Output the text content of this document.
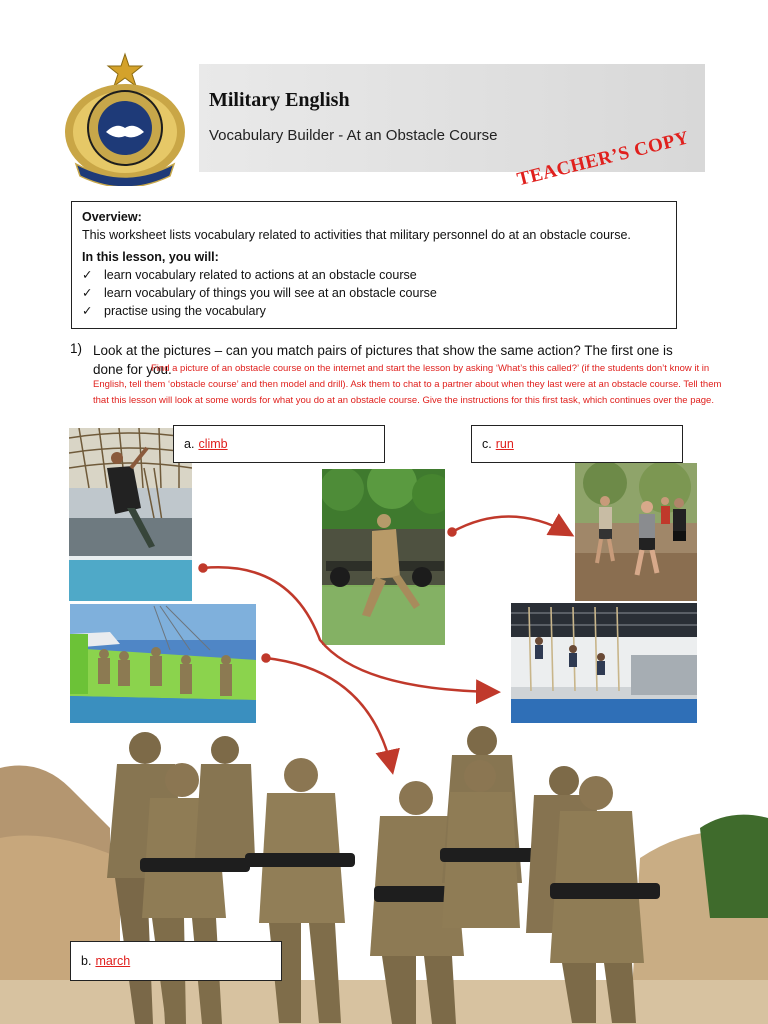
Military English
Vocabulary Builder - At an Obstacle Course TEACHER’S COPY
Overview:
This worksheet lists vocabulary related to activities that military personnel do at an obstacle course.
In this lesson, you will:
✓ learn vocabulary related to actions at an obstacle course
✓ learn vocabulary of things you will see at an obstacle course
✓ practise using the vocabulary
1) Look at the pictures – can you match pairs of pictures that show the same action? The first one is done for you.
Find a picture of an obstacle course on the internet and start the lesson by asking ‘What’s this called?’ (if the students don’t know it in English, tell them ‘obstacle course’ and then model and drill). Ask them to chat to a partner about when they last were at an obstacle course. Tell them that this lesson will look at some words for what you do at an obstacle course. Give the instructions for this first task, which continues over the page.
a. climb	c. run
b. march
